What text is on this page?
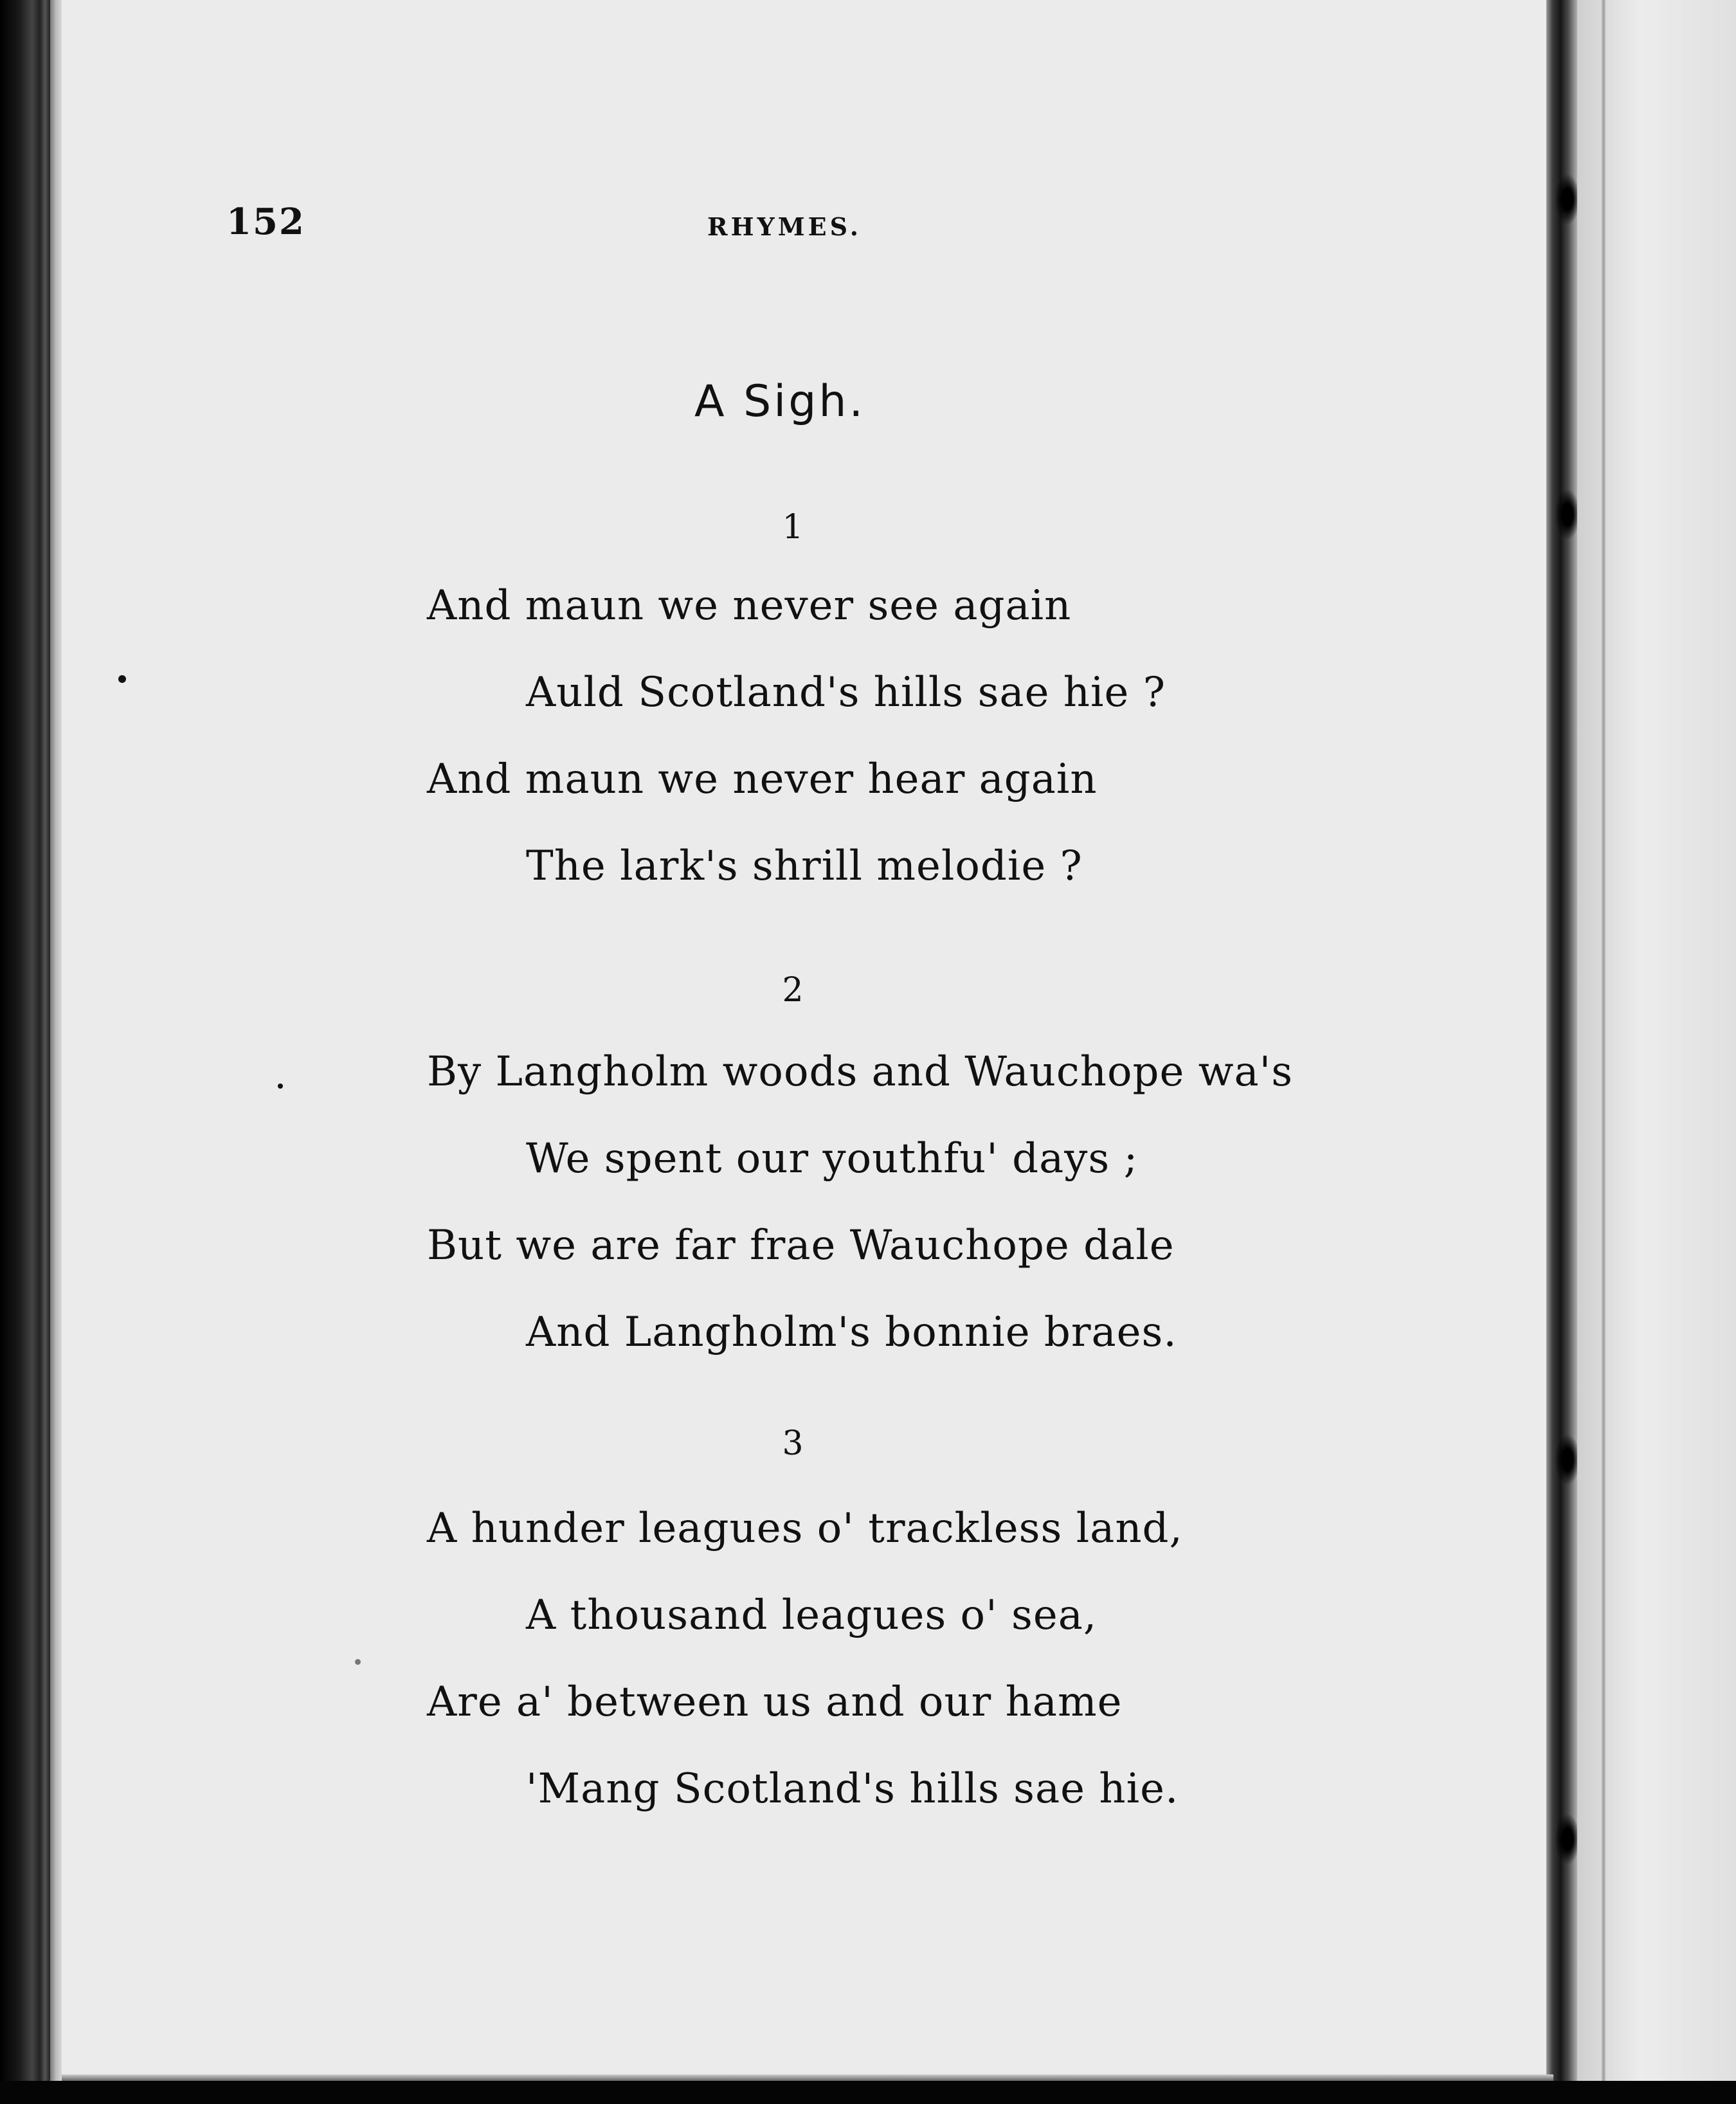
152	RHYMES.
A Sigh.
1
And maun we never see again
Auld Scotland's hills sae hie ?
And maun we never hear again
The lark's shrill melodie ?
2
By Langholm woods and Wauchope wa's
We spent our youthfu' days ;
But we are far frae Wauchope dale
And Langholm's bonnie braes.
3
A hunder leagues o' trackless land,
A thousand leagues o' sea,
Are a' between us and our hame
'Mang Scotland's hills sae hie.
